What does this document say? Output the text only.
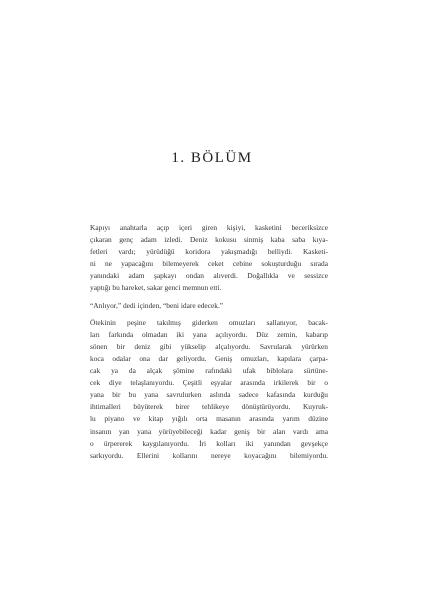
1. BÖLÜM

Kapıyı anahtarla açıp içeri giren kişiyi, kasketini beceriksizce
çıkaran genç adam izledi. Deniz kokusu sinmiş kaba saba kıya-
fetleri vardı; yürüdüğü koridora yakışmadığı belliydi. Kasketi-
ni ne yapacağını bilemeyerek ceket cebine sokuşturduğu sırada
yanındaki adam şapkayı ondan alıverdi. Doğallıkla ve sessizce
yaptığı bu hareket, sakar genci memnun etti.

“Anlıyor,” dedi içinden, “beni idare edecek.”

Ötekinin peşine takılmış giderken omuzları sallanıyor, bacak-
ları farkında olmadan iki yana açılıyordu. Düz zemin, kabarıp
sönen bir deniz gibi yükselip alçalıyordu. Savrularak yürürken
koca odalar ona dar geliyordu. Geniş omuzları, kapılara çarpa-
cak ya da alçak şömine rafındaki ufak biblolara sürtüne-
cek diye telaşlanıyordu. Çeşitli eşyalar arasında irkilerek bir o
yana bir bu yana savrulurken aslında sadece kafasında kurduğu
ihtimalleri büyüterek birer tehlikeye dönüştürüyordu. Kuyruk-
lu piyano ve kitap yığılı orta masanın arasında yarım düzine
insanın yan yana yürüyebileceği kadar geniş bir alan vardı ama
o ürpererek kaygılanıyordu. İri kolları iki yanından gevşekçe
sarkıyordu. Ellerini kollarını nereye koyacağını bilemiyordu.
